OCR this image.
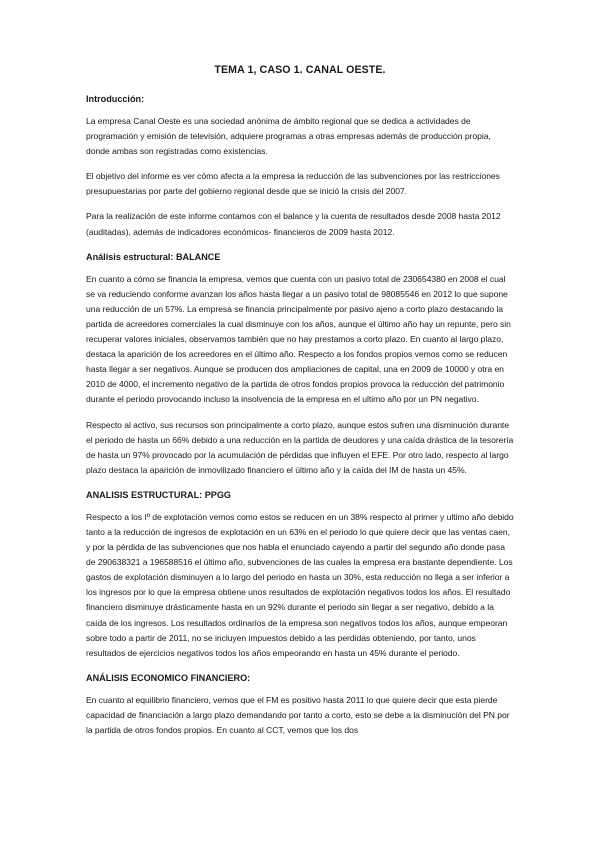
TEMA 1, CASO 1. CANAL OESTE.
Introducción:

La empresa Canal Oeste es una sociedad anónima de ámbito regional que se dedica a actividades de programación y emisión de televisión, adquiere programas a otras empresas además de producción propia, donde ambas son registradas como existencias.

El objetivo del informe es ver cómo afecta a la empresa la reducción de las subvenciones por las restricciones presupuestarias por parte del gobierno regional desde que se inició la crisis del 2007.

Para la realización de este informe contamos con el balance y la cuenta de resultados desde 2008 hasta 2012 (auditadas), además de indicadores económicos- financieros de 2009 hasta 2012.

Análisis estructural: BALANCE

En cuanto a cómo se financia la empresa, vemos que cuenta con un pasivo total de 230654380 en 2008 el cual se va reduciendo conforme avanzan los años hasta llegar a un pasivo total de 98085546 en 2012 lo que supone una reducción de un 57%. La empresa se financia principalmente por pasivo ajeno a corto plazo destacando la partida de acreedores comerciales la cual disminuye con los años, aunque el último año hay un repunte, pero sin recuperar valores iniciales, observamos también que no hay prestamos a corto plazo. En cuanto al largo plazo, destaca la aparición de los acreedores en el último año. Respecto a los fondos propios vemos como se reducen hasta llegar a ser negativos. Aunque se producen dos ampliaciones de capital, una en 2009 de 10000 y otra en 2010 de 4000, el incremento negativo de la partida de otros fondos propios provoca la reducción del patrimonio durante el periodo provocando incluso la insolvencia de la empresa en el ultimo año por un PN negativo.

Respecto al activo, sus recursos son principalmente a corto plazo, aunque estos sufren una disminución durante el periodo de hasta un 66% debido a una reducción en la partida de deudores y una caída drástica de la tesorería de hasta un 97% provocado por la acumulación de pérdidas que influyen el EFE. Por otro lado, respecto al largo plazo destaca la aparición de inmovilizado financiero el último año y la caída del IM de hasta un 45%.

ANALISIS ESTRUCTURAL: PPGG

Respecto a los Iº de explotación vemos como estos se reducen en un 38% respecto al primer y ultimo año debido tanto a la reducción de ingresos de explotación en un 63% en el periodo lo que quiere decir que las ventas caen, y por la pérdida de las subvenciones que nos habla el enunciado cayendo a partir del segundo año donde pasa de 290638321 a 196588516 el último año, subvenciones de las cuales la empresa era bastante dependiente. Los gastos de explotación disminuyen a lo largo del periodo en hasta un 30%, esta reducción no llega a ser inferior a los ingresos por lo que la empresa obtiene unos resultados de explotación negativos todos los años. El resultado financiero disminuye drásticamente hasta en un 92% durante el periodo sin llegar a ser negativo, debido a la caída de los ingresos. Los resultados ordinarios de la empresa son negativos todos los años, aunque empeoran sobre todo a partir de 2011, no se incluyen impuestos debido a las perdidas obteniendo, por tanto, unos resultados de ejercicios negativos todos los años empeorando en hasta un 45% durante el periodo.

ANÁLISIS ECONOMICO FINANCIERO:

En cuanto al equilibrio financiero, vemos que el FM es positivo hasta 2011 lo que quiere decir que esta pierde capacidad de financiación a largo plazo demandando por tanto a corto, esto se debe a la disminución del PN por la partida de otros fondos propios. En cuanto al CCT, vemos que los dos
